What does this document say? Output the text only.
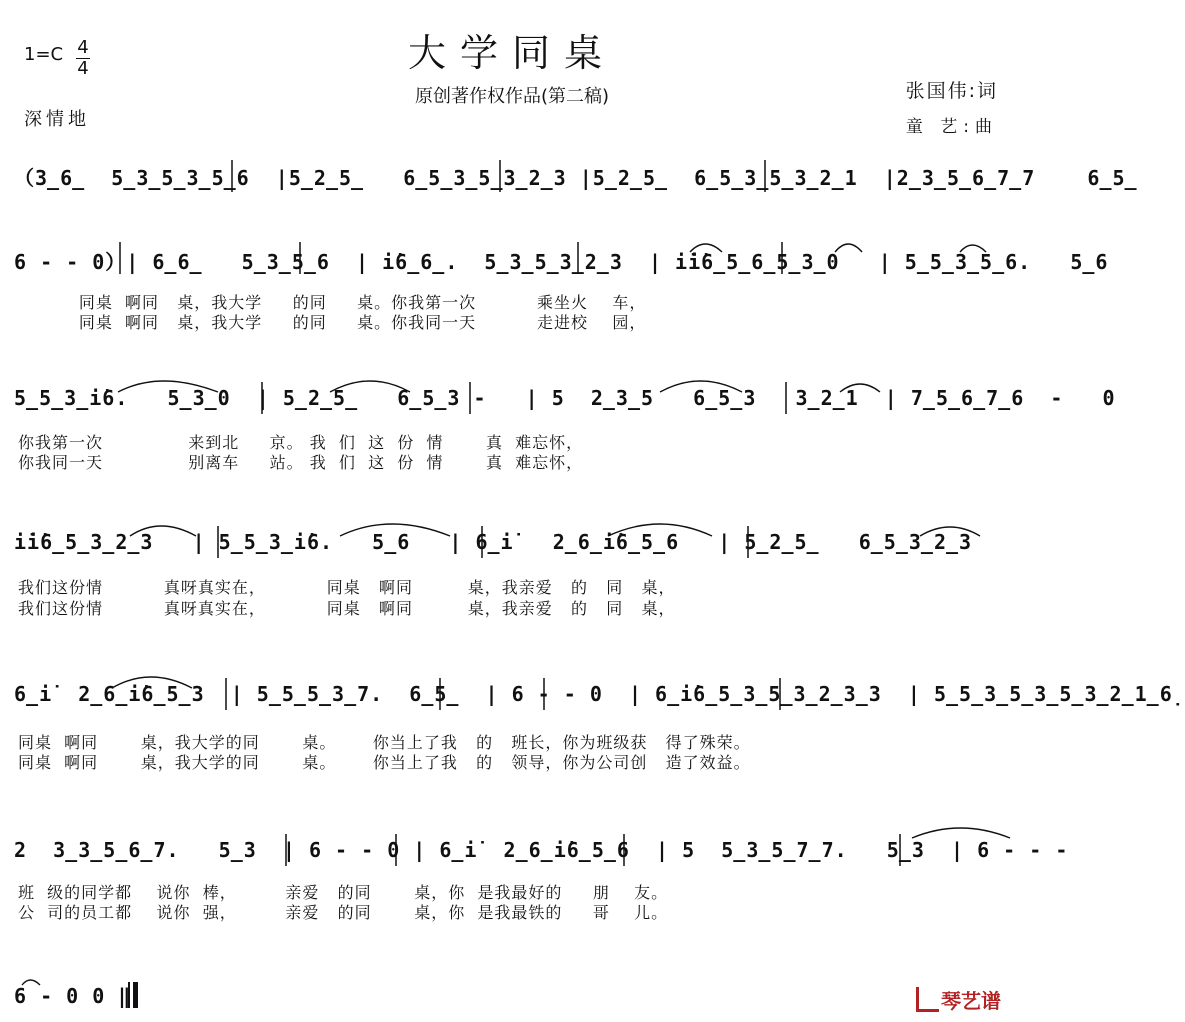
大学同桌
原创著作权作品(第二稿)
1=C 4
4
深情地
张国伟:词
童 艺:曲
（3̲6̲  5̲3̲5̲3̲5̲6  |5̲2̲5̲   6̲5̲3̲5̲3̲2̲3 |5̲2̲5̲  6̲5̲3̲5̲3̲2̲1  |2̲3̲5̲6̲7̲7    6̲5̲
6 - - 0）| 6̲6̲   5̲3̲5̲6  | i̇6̲6̲.  5̲3̲5̲3̲2̲3  | i̇i̇6̲5̲6̲5̲3̲0   | 5̲5̲3̲5̲6.   5̲6
同桌  啊同   桌，我大学     的同     桌。你我第一次          乘坐火    车，
同桌  啊同   桌，我大学     的同     桌。你我同一天          走进校    园，
5̲5̲3̲i̇6.   5̲3̲0  | 5̲2̲5̲   6̲5̲3 -   | 5  2̲3̲5   6̲5̲3   3̲2̲1  | 7̲5̲6̲7̲6  -   0
你我第一次              来到北     京。 我  们  这  份  情       真  难忘怀，
你我同一天              别离车     站。 我  们  这  份  情       真  难忘怀，
i̇i̇6̲5̲3̲2̲3   | 5̲5̲3̲i̇6.   5̲6   | 6̲i̇   2̲6̲i̇6̲5̲6   | 5̲2̲5̲   6̲5̲3̲2̲3
我们这份情          真呀真实在，          同桌   啊同         桌，我亲爱   的   同   桌，
我们这份情          真呀真实在，          同桌   啊同         桌，我亲爱   的   同   桌，
6̲i̇  2̲6̲i̇6̲5̲3  | 5̲5̲5̲3̲7.  6̲5̲  | 6 - - 0  | 6̲i̇6̲5̲3̲5̲3̲2̲3̲3  | 5̲5̲3̲5̲3̲5̲3̲2̲1̲6̣
同桌  啊同       桌，我大学的同       桌。      你当上了我   的   班长，你为班级获   得了殊荣。
同桌  啊同       桌，我大学的同       桌。      你当上了我   的   领导，你为公司创   造了效益。
2  3̲3̲5̲6̲7.   5̲3  | 6 - - 0 | 6̲i̇  2̲6̲i̇6̲5̲6  | 5  5̲3̲5̲7̲7.   5̲3  | 6 - - -
班  级的同学都    说你  棒，        亲爱   的同       桌，你  是我最好的     朋    友。
公  司的员工都    说你  强，        亲爱   的同       桌，你  是我最铁的     哥    儿。
6 - 0 0 ‖	琴艺谱
